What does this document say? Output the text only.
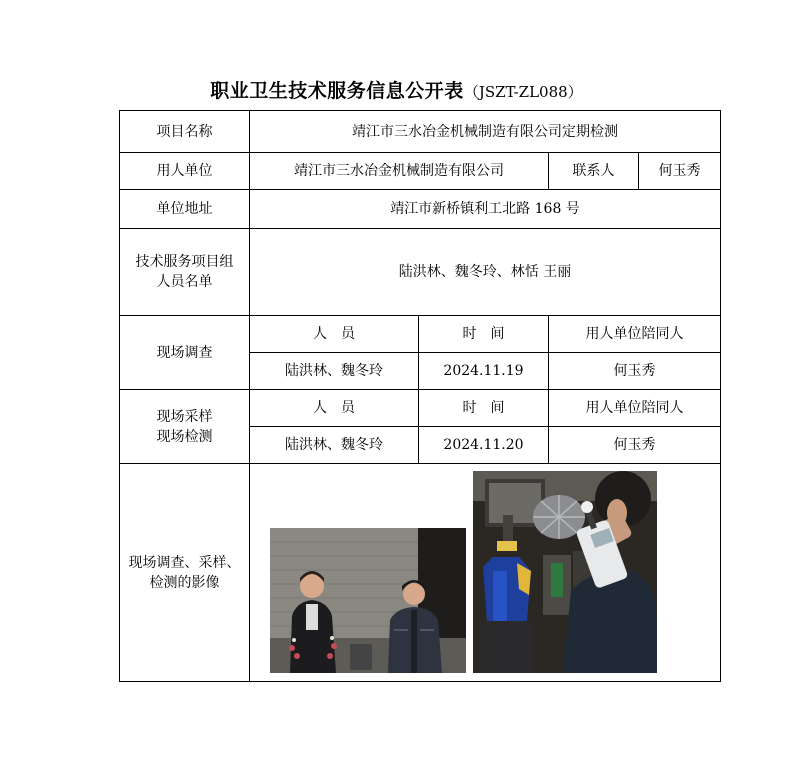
职业卫生技术服务信息公开表（JSZT-ZL088）
项目名称	靖江市三水冶金机械制造有限公司定期检测			
用人单位	靖江市三水冶金机械制造有限公司		联系人	何玉秀
单位地址	靖江市新桥镇利工北路 168 号			

技术服务项目组
人员名单	陆洪林、魏冬玲、林恬 王丽			
现场调查	人　员	时　间	用人单位陪同人	
	陆洪林、魏冬玲	2024.11.19	何玉秀	

现场采样
现场检测	人　员	时　间	用人单位陪同人	
	陆洪林、魏冬玲	2024.11.20	何玉秀	

现场调查、采样、
检测的影像
